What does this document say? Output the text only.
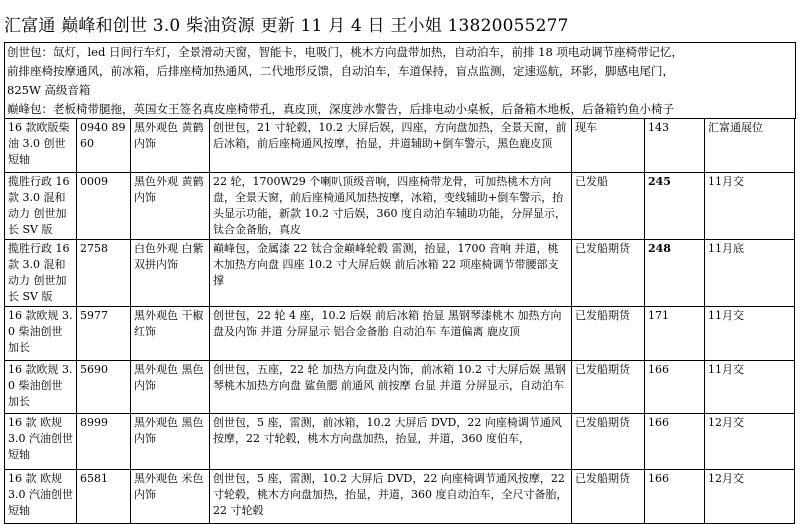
汇富通 巅峰和创世 3.0 柴油资源 更新 11 月 4 日 王小姐 13820055277
创世包：氙灯，led 日间行车灯，全景滑动天窗，智能卡，电吸门，桃木方向盘带加热，自动泊车，前排 18 项电动调节座椅带记忆，
前排座椅按摩通风，前冰箱，后排座椅加热通风，二代地形反馈，自动泊车，车道保持，盲点监测，定速巡航，环影，脚感电尾门，
825W 高级音箱
巅峰包：老板椅带腿拖，英国女王签名真皮座椅带孔，真皮顶，深度涉水警告，后排电动小桌板，后备箱木地板，后备箱钓鱼小椅子
16 款欧版柴油 3.0 创世短轴	0940 8960	黑外观色 黄鹤内饰	创世包，21 寸轮毂，10.2 大屏后娱，四座，方向盘加热，全景天窗，前后冰箱，前后座椅通风按摩，抬显，并道辅助+倒车警示，黑色鹿皮顶	现车	143	汇富通展位
揽胜行政 16 款 3.0 混和动力 创世加长 SV 版	0009	黑色外观 黄鹤内饰	22 轮，1700W29 个喇叭顶级音响，四座椅带龙骨，可加热桃木方向盘，全景天窗，前后座椅通风加热按摩，冰箱，变线辅助+倒车警示，抬头显示功能，新款 10.2 寸后娱，360 度自动泊车辅助功能，分屏显示，钛合金备胎，真皮	已发船	245	11月交
揽胜行政 16 款 3.0 混和动力 创世加长 SV 版	2758	白色外观 白紫双拼内饰	巅峰包，金属漆 22 钛合金巅峰轮毂 雷测，抬显，1700 音响 并道，桃木加热方向盘 四座 10.2 寸大屏后娱 前后冰箱 22 项座椅调节带腰部支撑	已发船期货	248	11月底
16 款欧规 3.0 柴油创世加长	5977	黑外观色 干椒红饰	创世包，22 轮 4 座，10.2 后娱 前后冰箱 抬显 黑钢琴漆桃木 加热方向盘及内饰 并道 分屏显示 铝合金备胎 自动泊车 车道偏离 鹿皮顶	已发船期货	171	11月交
16 款欧规 3.0 柴油创世加长	5690	黑外观色 黑色内饰	创世包，五座，22 轮 加热方向盘及内饰，前冰箱 10.2 寸大屏后娱 黑钢琴桃木加热方向盘 鲨鱼腮 前通风 前按摩 台显 并道 分屏显示，自动泊车	已发船期货	166	11月交
16 款 欧规 3.0 汽油创世短轴	8999	黑外观色 黑色内饰	创世包，5 座，雷测，前冰箱，10.2 大屏后 DVD，22 向座椅调节通风按摩，22 寸轮毂，桃木方向盘加热，抬显，并道，360 度伯车，	已发船期货	166	12月交
16 款 欧规 3.0 汽油创世短轴	6581	黑外观色 米色内饰	创世包，5 座，雷测，10.2 大屏后 DVD，22 向座椅调节通风按摩，22 寸轮毂，桃木方向盘加热，抬显，并道，360 度自动泊车，全尺寸备胎，22 寸轮毂	已发船期货	166	12月交
